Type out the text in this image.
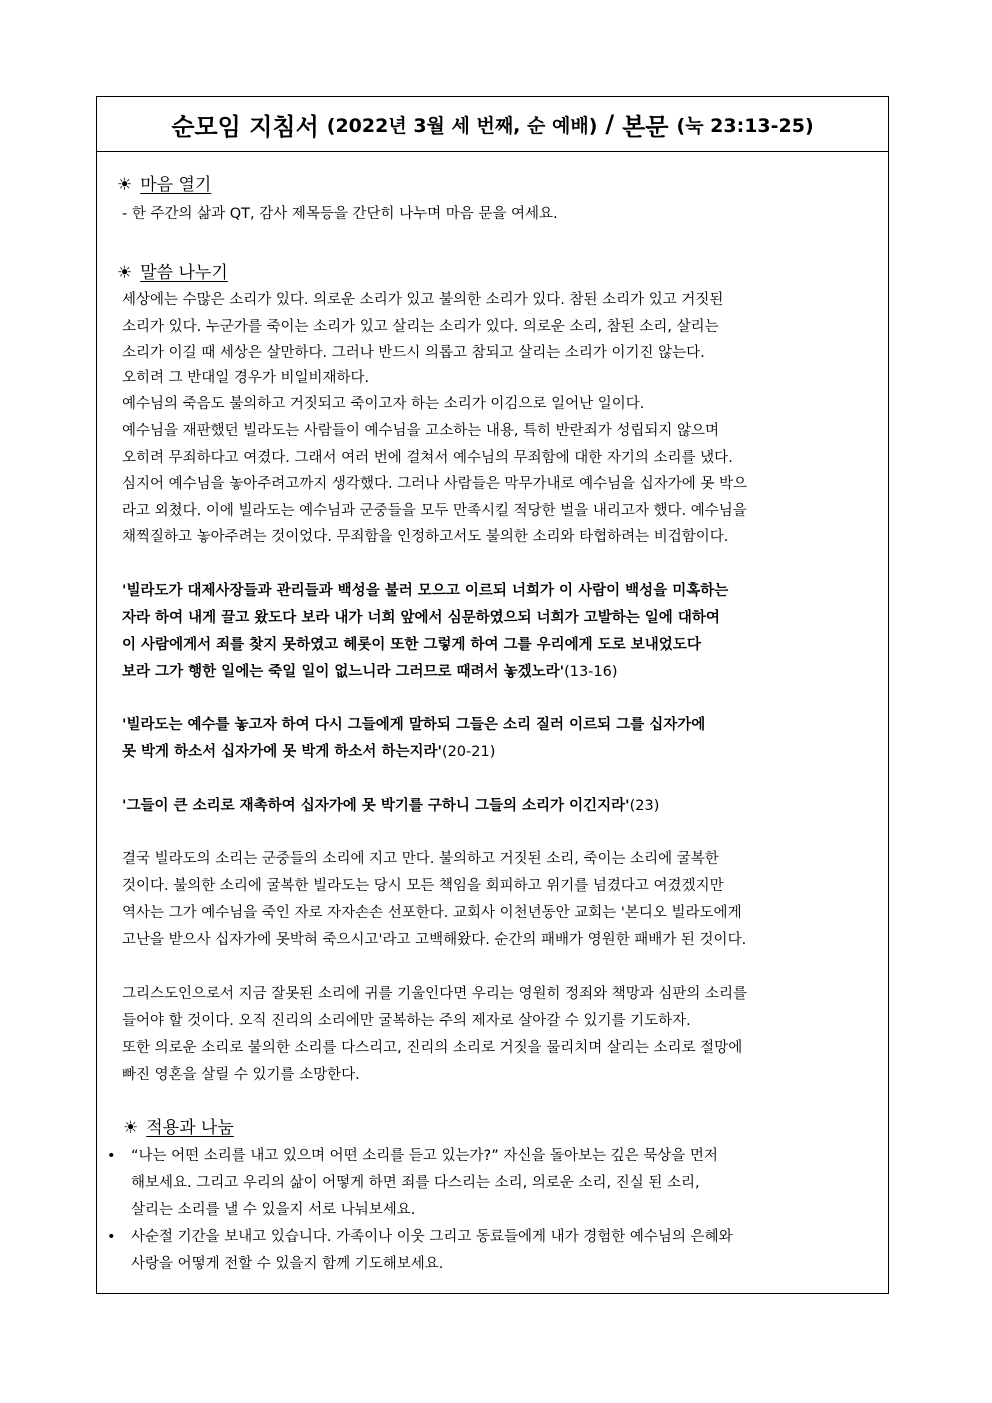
순모임 지침서 (2022년 3월 세 번째, 순 예배) / 본문 (눅 23:13-25)
☀ 마음 열기
- 한 주간의 삶과 QT, 감사 제목등을 간단히 나누며 마음 문을 여세요.
☀ 말씀 나누기
세상에는 수많은 소리가 있다. 의로운 소리가 있고 불의한 소리가 있다. 참된 소리가 있고 거짓된
소리가 있다. 누군가를 죽이는 소리가 있고 살리는 소리가 있다. 의로운 소리, 참된 소리, 살리는
소리가 이길 때 세상은 살만하다. 그러나 반드시 의롭고 참되고 살리는 소리가 이기진 않는다.
오히려 그 반대일 경우가 비일비재하다.
예수님의 죽음도 불의하고 거짓되고 죽이고자 하는 소리가 이김으로 일어난 일이다.
예수님을 재판했던 빌라도는 사람들이 예수님을 고소하는 내용, 특히 반란죄가 성립되지 않으며
오히려 무죄하다고 여겼다. 그래서 여러 번에 걸쳐서 예수님의 무죄함에 대한 자기의 소리를 냈다.
심지어 예수님을 놓아주려고까지 생각했다. 그러나 사람들은 막무가내로 예수님을 십자가에 못 박으
라고 외쳤다. 이에 빌라도는 예수님과 군중들을 모두 만족시킬 적당한 벌을 내리고자 했다. 예수님을
채찍질하고 놓아주려는 것이었다. 무죄함을 인정하고서도 불의한 소리와 타협하려는 비겁함이다.
'빌라도가 대제사장들과 관리들과 백성을 불러 모으고 이르되 너희가 이 사람이 백성을 미혹하는
자라 하여 내게 끌고 왔도다 보라 내가 너희 앞에서 심문하였으되 너희가 고발하는 일에 대하여
이 사람에게서 죄를 찾지 못하였고 헤롯이 또한 그렇게 하여 그를 우리에게 도로 보내었도다
보라 그가 행한 일에는 죽일 일이 없느니라 그러므로 때려서 놓겠노라'(13-16)
'빌라도는 예수를 놓고자 하여 다시 그들에게 말하되 그들은 소리 질러 이르되 그를 십자가에
못 박게 하소서 십자가에 못 박게 하소서 하는지라'(20-21)
'그들이 큰 소리로 재촉하여 십자가에 못 박기를 구하니 그들의 소리가 이긴지라'(23)
결국 빌라도의 소리는 군중들의 소리에 지고 만다. 불의하고 거짓된 소리, 죽이는 소리에 굴복한
것이다. 불의한 소리에 굴복한 빌라도는 당시 모든 책임을 회피하고 위기를 넘겼다고 여겼겠지만
역사는 그가 예수님을 죽인 자로 자자손손 선포한다. 교회사 이천년동안 교회는 '본디오 빌라도에게
고난을 받으사 십자가에 못박혀 죽으시고'라고 고백해왔다. 순간의 패배가 영원한 패배가 된 것이다.
그리스도인으로서 지금 잘못된 소리에 귀를 기울인다면 우리는 영원히 정죄와 책망과 심판의 소리를
들어야 할 것이다. 오직 진리의 소리에만 굴복하는 주의 제자로 살아갈 수 있기를 기도하자.
또한 의로운 소리로 불의한 소리를 다스리고, 진리의 소리로 거짓을 물리치며 살리는 소리로 절망에
빠진 영혼을 살릴 수 있기를 소망한다.
☀ 적용과 나눔
• “나는 어떤 소리를 내고 있으며 어떤 소리를 듣고 있는가?” 자신을 돌아보는 깊은 묵상을 먼저
해보세요. 그리고 우리의 삶이 어떻게 하면 죄를 다스리는 소리, 의로운 소리, 진실 된 소리,
살리는 소리를 낼 수 있을지 서로 나눠보세요.
• 사순절 기간을 보내고 있습니다. 가족이나 이웃 그리고 동료들에게 내가 경험한 예수님의 은혜와
사랑을 어떻게 전할 수 있을지 함께 기도해보세요.
